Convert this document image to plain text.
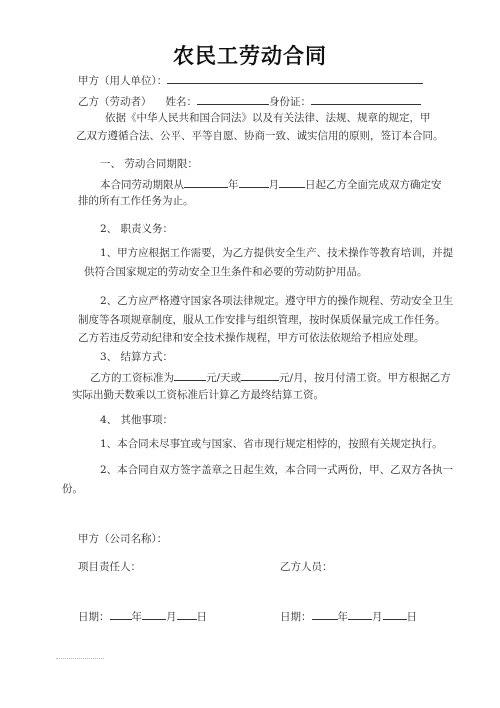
农民工劳动合同
甲方（用人单位）：
乙方（劳动者） 姓名：	身份证：
依据《中华人民共和国合同法》以及有关法律、法规、规章的规定，甲
乙双方遵循合法、公平、平等自愿、协商一致、诚实信用的原则，签订本合同。
一、 劳动合同期限：
本合同劳动期限从	年	月 日起乙方全面完成双方确定安
排的所有工作任务为止。
2、 职责义务：
1、甲方应根据工作需要，为乙方提供安全生产、技术操作等教育培训，并提
供符合国家规定的劳动安全卫生条件和必要的劳动防护用品。
2、乙方应严格遵守国家各项法律规定。遵守甲方的操作规程、劳动安全卫生
制度等各项规章制度，服从工作安排与组织管理，按时保质保量完成工作任务。
乙方若违反劳动纪律和安全技术操作规程，甲方可依法依规给予相应处理。
3、 结算方式：
乙方的工资标准为	元/天或	元/月，按月付清工资。甲方根据乙方
实际出勤天数乘以工资标准后计算乙方最终结算工资。
4、 其他事项：
1、本合同未尽事宜或与国家、省市现行规定相悖的，按照有关规定执行。
2、本合同自双方签字盖章之日起生效，本合同一式两份，甲、乙双方各执一
份。
甲方（公司名称）：
项目责任人：	乙方人员：
日期： 年 月 日	日期： 年 月 日
